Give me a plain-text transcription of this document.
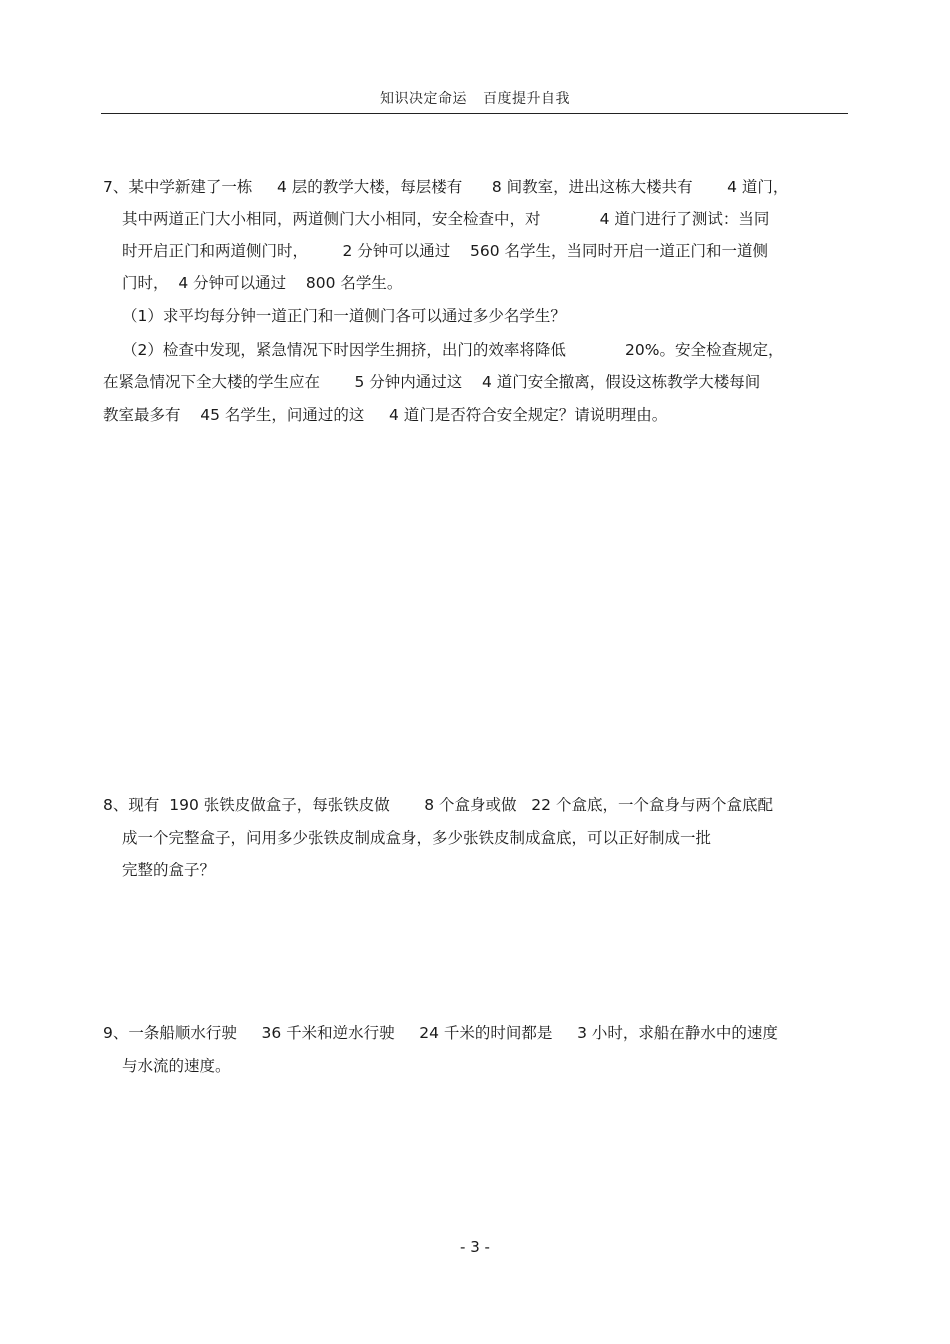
知识决定命运 百度提升自我
7、某中学新建了一栋     4 层的教学大楼，每层楼有      8 间教室，进出这栋大楼共有       4 道门，
其中两道正门大小相同，两道侧门大小相同，安全检查中，对            4 道门进行了测试：当同
时开启正门和两道侧门时，       2 分钟可以通过    560 名学生，当同时开启一道正门和一道侧
门时，  4 分钟可以通过    800 名学生。
（1）求平均每分钟一道正门和一道侧门各可以通过多少名学生？
（2）检查中发现，紧急情况下时因学生拥挤，出门的效率将降低            20%。安全检查规定，
在紧急情况下全大楼的学生应在       5 分钟内通过这    4 道门安全撤离，假设这栋教学大楼每间
教室最多有    45 名学生，问通过的这     4 道门是否符合安全规定？请说明理由。
8、现有  190 张铁皮做盒子，每张铁皮做       8 个盒身或做   22 个盒底，一个盒身与两个盒底配
成一个完整盒子，问用多少张铁皮制成盒身，多少张铁皮制成盒底，可以正好制成一批
完整的盒子？
9、一条船顺水行驶     36 千米和逆水行驶     24 千米的时间都是     3 小时，求船在静水中的速度
与水流的速度。
- 3 -
